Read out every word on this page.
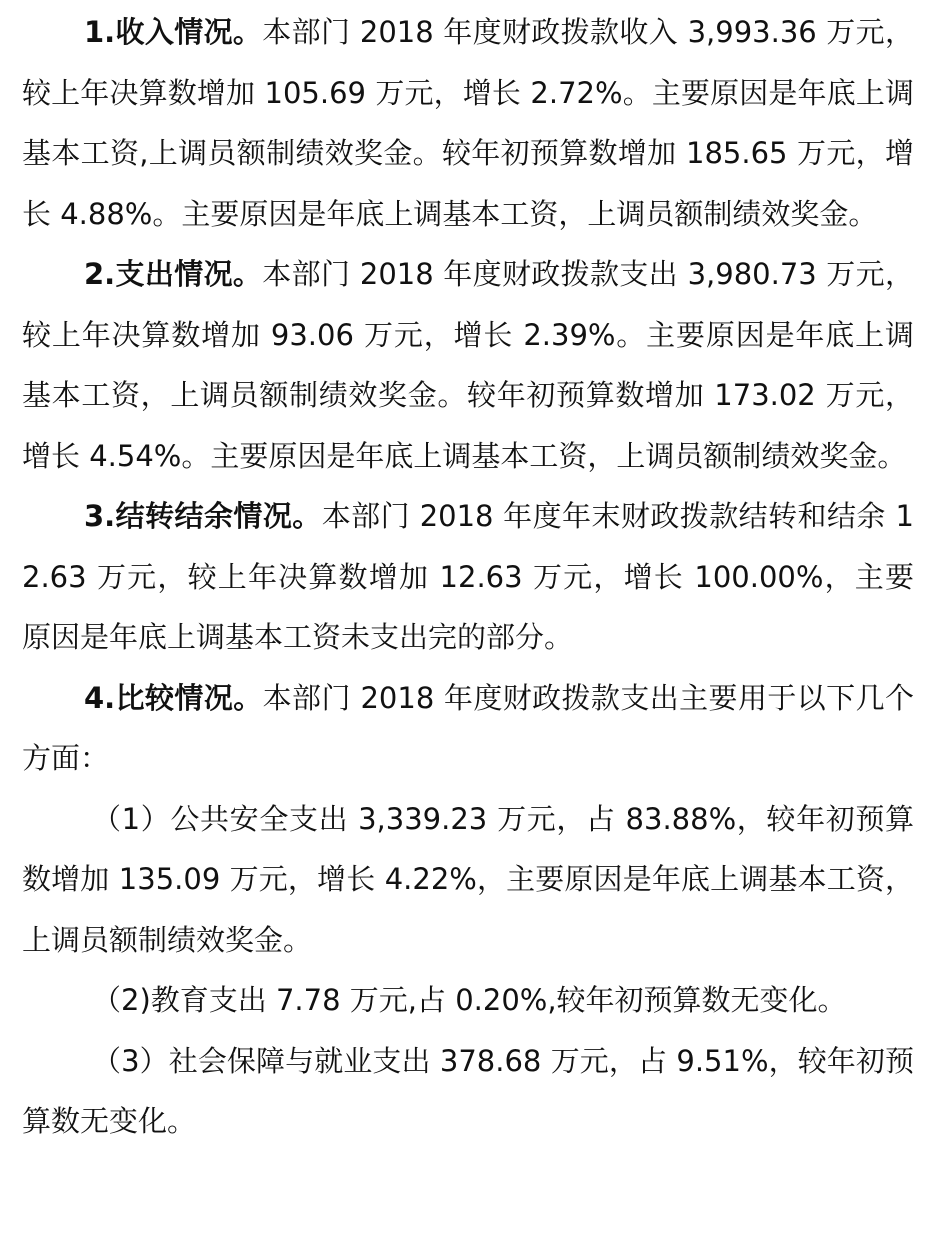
1.收入情况。本部门 2018 年度财政拨款收入 3,993.36 万元，较上年决算数增加 105.69 万元，增长 2.72%。主要原因是年底上调基本工资,上调员额制绩效奖金。较年初预算数增加 185.65 万元，增长 4.88%。主要原因是年底上调基本工资，上调员额制绩效奖金。

2.支出情况。本部门 2018 年度财政拨款支出 3,980.73 万元，较上年决算数增加 93.06 万元，增长 2.39%。主要原因是年底上调基本工资，上调员额制绩效奖金。较年初预算数增加 173.02 万元，增长 4.54%。主要原因是年底上调基本工资，上调员额制绩效奖金。

3.结转结余情况。本部门 2018 年度年末财政拨款结转和结余 12.63 万元，较上年决算数增加 12.63 万元，增长 100.00%，主要原因是年底上调基本工资未支出完的部分。

4.比较情况。本部门 2018 年度财政拨款支出主要用于以下几个方面：

（1）公共安全支出 3,339.23 万元，占 83.88%，较年初预算数增加 135.09 万元，增长 4.22%，主要原因是年底上调基本工资，上调员额制绩效奖金。

（2)教育支出 7.78 万元,占 0.20%,较年初预算数无变化。

（3）社会保障与就业支出 378.68 万元，占 9.51%，较年初预算数无变化。
